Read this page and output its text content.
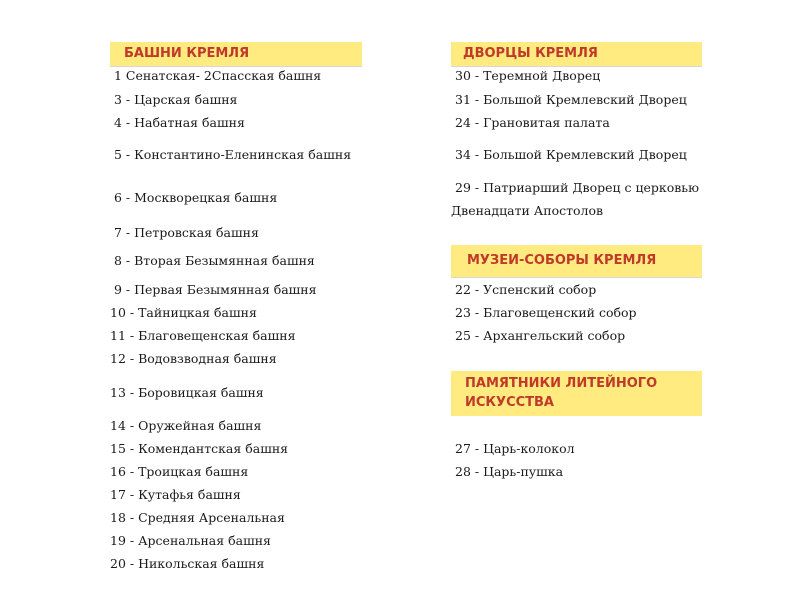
БАШНИ КРЕМЛЯ
1 Сенатская- 2Спасская башня
3 - Царская башня
4 - Набатная башня
5 - Константино-Еленинская башня
6 - Москворецкая башня
7 - Петровская башня
8 - Вторая Безымянная башня
9 - Первая Безымянная башня
10 - Тайницкая башня
11 - Благовещенская башня
12 - Водовзводная башня
13 - Боровицкая башня
14 - Оружейная башня
15 - Комендантская башня
16 - Троицкая башня
17 - Кутафья башня
18 - Средняя Арсенальная
19 - Арсенальная башня
20 - Никольская башня
ДВОРЦЫ КРЕМЛЯ
30 - Теремной Дворец
31 - Большой Кремлевский Дворец
24 - Грановитая палата
34 - Большой Кремлевский Дворец
29 - Патриарший Дворец с церковью
Двенадцати Апостолов
МУЗЕИ-СОБОРЫ КРЕМЛЯ
22 - Успенский собор
23 - Благовещенский собор
25 - Архангельский собор
ПАМЯТНИКИ ЛИТЕЙНОГО
ИСКУССТВА
27 - Царь-колокол
28 - Царь-пушка
